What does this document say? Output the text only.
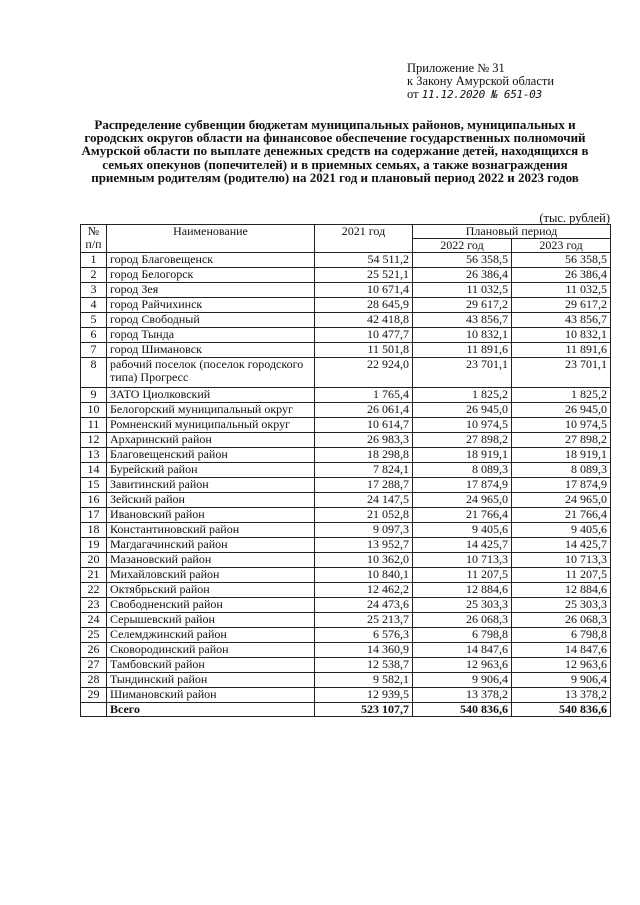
Приложение № 31
к Закону Амурской области
от 11.12.2020 № 651-03
Распределение субвенции бюджетам муниципальных районов, муниципальных и городских округов области на финансовое обеспечение государственных полномочий Амурской области по выплате денежных средств на содержание детей, находящихся в семьях опекунов (попечителей) и в приемных семьях, а также вознаграждения приемным родителям (родителю) на 2021 год и плановый период 2022 и 2023 годов
(тыс. рублей)
№ п/п	Наименование	2021 год	Плановый период	
			2022 год	2023 год
1	город Благовещенск	54 511,2	56 358,5	56 358,5
2	город Белогорск	25 521,1	26 386,4	26 386,4
3	город Зея	10 671,4	11 032,5	11 032,5
4	город Райчихинск	28 645,9	29 617,2	29 617,2
5	город Свободный	42 418,8	43 856,7	43 856,7
6	город Тында	10 477,7	10 832,1	10 832,1
7	город Шимановск	11 501,8	11 891,6	11 891,6
8	рабочий поселок (поселок городского типа) Прогресс	22 924,0	23 701,1	23 701,1
9	ЗАТО Циолковский	1 765,4	1 825,2	1 825,2
10	Белогорский муниципальный округ	26 061,4	26 945,0	26 945,0
11	Ромненский муниципальный округ	10 614,7	10 974,5	10 974,5
12	Архаринский район	26 983,3	27 898,2	27 898,2
13	Благовещенский район	18 298,8	18 919,1	18 919,1
14	Бурейский район	7 824,1	8 089,3	8 089,3
15	Завитинский район	17 288,7	17 874,9	17 874,9
16	Зейский район	24 147,5	24 965,0	24 965,0
17	Ивановский район	21 052,8	21 766,4	21 766,4
18	Константиновский район	9 097,3	9 405,6	9 405,6
19	Магдагачинский район	13 952,7	14 425,7	14 425,7
20	Мазановский район	10 362,0	10 713,3	10 713,3
21	Михайловский район	10 840,1	11 207,5	11 207,5
22	Октябрьский район	12 462,2	12 884,6	12 884,6
23	Свободненский район	24 473,6	25 303,3	25 303,3
24	Серышевский район	25 213,7	26 068,3	26 068,3
25	Селемджинский район	6 576,3	6 798,8	6 798,8
26	Сковородинский район	14 360,9	14 847,6	14 847,6
27	Тамбовский район	12 538,7	12 963,6	12 963,6
28	Тындинский район	9 582,1	9 906,4	9 906,4
29	Шимановский район	12 939,5	13 378,2	13 378,2
	Всего	523 107,7	540 836,6	540 836,6
